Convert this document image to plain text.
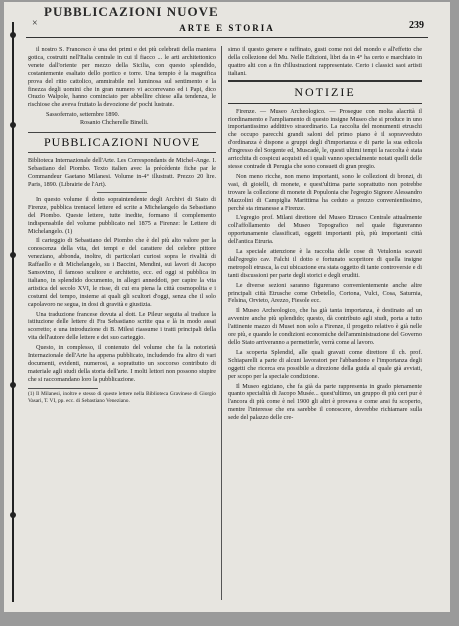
PUBBLICAZIONI NUOVE
×	ARTE E STORIA	239

il nostro S. Francesco è una dei primi e dei più celebrati della maniera gotica, costruiti nell'Italia centrale in cui il fiacco ... le arti architettonico venete dall'oriente per mezzo della Sicilia, con questo splendido, costantemente esaltato dello portico e torre. Una tempio è la magnifica prova del ritto cattolico, ammirabile nel luminosa sul sentimento e la finezza degli uomini che in gran numero vi accorrevano ed i Papi, dico Orazio Walpole, hanno cominciato per abbellire chiese alla tendenza, le rischiose che aveva fruttato la devozione de' pochi lustrate.

Sassoferrato, settembre 1890.
Rosanio Chcherelle Binelli.
PUBBLICAZIONI NUOVE

Biblioteca Internazionale dell'Arte. Les Correspondants de Michel-Ange. I. Sebastiano del Piombo. Texto italien avec la précédente fiche par le Commandeur Gaetano Milanesi. Volume in-4° illustratt. Prezzo 20 lire. Paris, 1890. (Librairie de l'Art).

In questo volume il dotto sopraintendente degli Archivi di Stato di Firenze, pubblica trentacel lettere ed scrite a Michelangelo da Sebastiano del Piombo. Queste lettere, tutte inedite, formano il complemento indispensabile del volume pubblicato nel 1875 a Firenze: le Lettere di Michelangelo. (1)

Il carteggio di Sebastiano del Piombo che è del più alto valore per la conoscenza della vita, dei tempi e del carattere del celebre pittore veneziano, abbonda, inoltre, di particolari curiosi sopra le rivalità di Raffaello e di Michelangelo, su i Baccini, Mendini, sui lavori di Jacopo Sansovino, il famoso scultore e architetto, ecc. ed oggi si pubblica in italiano, in splendido documento, in allegri anneddoti, per capire la vita artistica del secolo XVI, le risse, di cui era piena la città cosmopolita e i costumi del tempo, insieme ai quali gli scultori d'oggi, senza che il solo capolavoro ne segua, in dosi di gravità e giustizia.

Una traduzione francese dovuta al dott. Le Pileur seguita al traduce la istituzione delle lettere di Fra Sebastiano scritte qua e là in modo assai scorretto; e una introduzione di B. Milesi riassume i tratti principali della vita dell'autore delle lettere e dei suo carteggio.

Questo, in complesso, il contenuto del volume che fa la notorietà Internazionale dell'Arte ha appena pubblicato, includendo fra altro di vari documenti, evidenti, numerosi, a soprattutto un soccorso contributo di materiale agli studi della storia dell'arte. I molti lettori non possono stupire che si raccomandano loro la pubblicazione.

(1) Il Milanesi, inoltre e stesso di queste lettere nella Biblioteca Gravinese di Giorgio Vasari, T. VI, pp. ecc. di Sebastiano Veneziano.

simo il questo genere e raffinato, gusti come noi del mondo e all'effetto che della collezione del Mu. Nelle Edizioni, libri da in 4° ha certo e marchiato in quattro alti con a fin d'illustrazioni rappresentate. Certo i classici saoi artisti italiani.

NOTIZIE

Firenze. — Museo Archeologico. — Prosegue con molta alacrità il riordinamento e l'ampliamento di questo insigne Museo che si produce in uno importantissimo addittivo straordinario. La raccolta del monumenti etruschi che occupo parecchi grandi saloni del primo piano è il sopravveduto d'ordinanza è dispone a gruppi degli d'importanza e di parte la sua edicola d'ingresso del Sorgente ed, Muscadè, le, questi ultimi tempi la raccolta è stata arricchita di cospicui acquisti ed i quali vanno specialmente notati quelli delle stesse contrade di Perugia che sono consueti di gran pregio.

Non meno ricche, non meno importanti, sono le collezioni di bronzi, di vasi, di gioielli, di monete, e quest'ultima parte soprattutto non potrebbe trovare la collezione di monete di Populonia che l'egregio Signore Alessandro Mazzolini di Campiglia Marittima ha ceduto a prezzo convenientissimo, perchè sta rimanesse a Firenze.

L'egregio prof. Milani direttore del Museo Etrusco Centrale attualmente coll'affollamento del Museo Topografico nel quale figureranno opportunamente classificati, oggetti importanti più, più importanti città dell'antica Etruria.

La speciale attenzione è la raccolta delle cose di Vetulonia scavati dall'egregio cav. Falchi il dotto e fortunato scopritore di quella insigne metropoli etrusca, la cui ubicazione era stata oggetto di tante controversie e di tanti discussioni per parte degli storici e degli eruditi.

Le diverse sezioni saranno figurerano convenientemente anche altre principali città Etrusche come Orbetello, Cortona, Vulci, Cosa, Saturnia, Felsina, Orvieto, Arezzo, Fiesole ecc.

Il Museo Archeologico, che ha già tanta importanza, è destinato ad un avvenire anche più splendido; questo, dà contributo agli studi, porta a tutto l'attinente mazzo di Musei non solo a Firenze, il progetto relativo è già nelle ore più, e quando le condizioni economiche dell'amministrazione del Governo dello Stato arriveranno a permetterle, verrà come al lavoro.

La scoperta Splendid, alle quali gravati come direttore il ch. prof. Schiaparelli a parte di alcuni lavoratori per l'abbandono e l'importanza degli oggetti che ricerca era possibile a direzione della guida al quale già avviati, per scopo per la speciale condizione.

Il Museo egiziano, che fa già da parte rappresenta in grado pienamente quanto specialità di Jacopo Musée... quest'ultimo, un gruppo di più ceri pur è l'ancora di più come è nel 1900 gli altri è provava e come ansi fu scoperto, mentre l'interesse che era sarebbe il conoscere, dovrebbe richiamare sulla sede del palazzo delle cre-
